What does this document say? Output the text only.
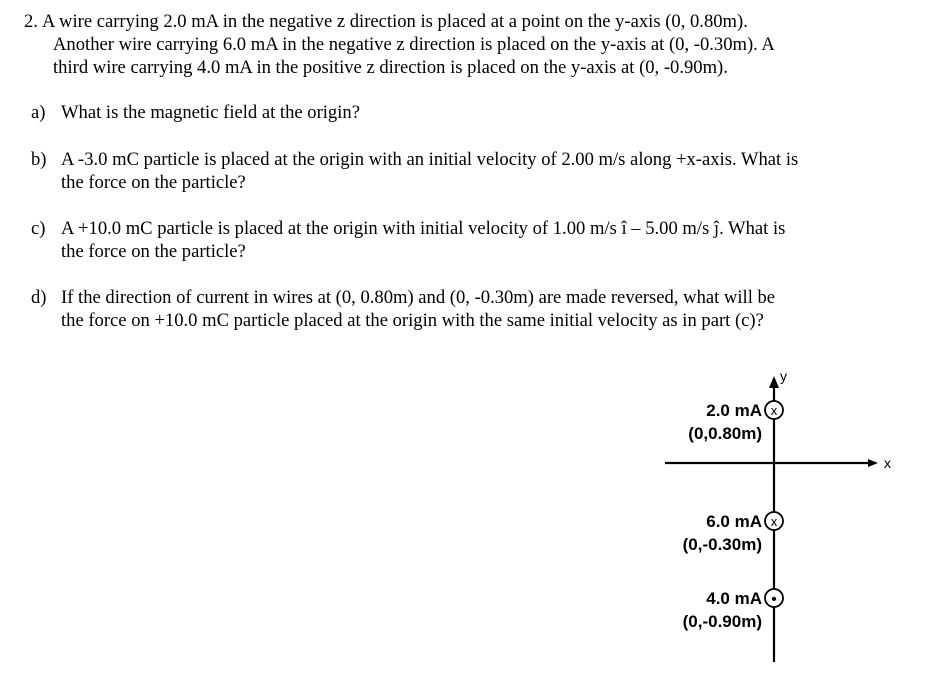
2. A wire carrying 2.0 mA in the negative z direction is placed at a point on the y-axis (0, 0.80m).
Another wire carrying 6.0 mA in the negative z direction is placed on the y-axis at (0, -0.30m). A
third wire carrying 4.0 mA in the positive z direction is placed on the y-axis at (0, -0.90m).
a) What is the magnetic field at the origin?
b) A -3.0 mC particle is placed at the origin with an initial velocity of 2.00 m/s along +x-axis. What is
the force on the particle?
c) A +10.0 mC particle is placed at the origin with initial velocity of 1.00 m/s î – 5.00 m/s ĵ. What is
the force on the particle?
d) If the direction of current in wires at (0, 0.80m) and (0, -0.30m) are made reversed, what will be
the force on +10.0 mC particle placed at the origin with the same initial velocity as in part (c)?
y
x
x
2.0 mA
(0,0.80m)
x
6.0 mA
(0,-0.30m)
•
4.0 mA
(0,-0.90m)
